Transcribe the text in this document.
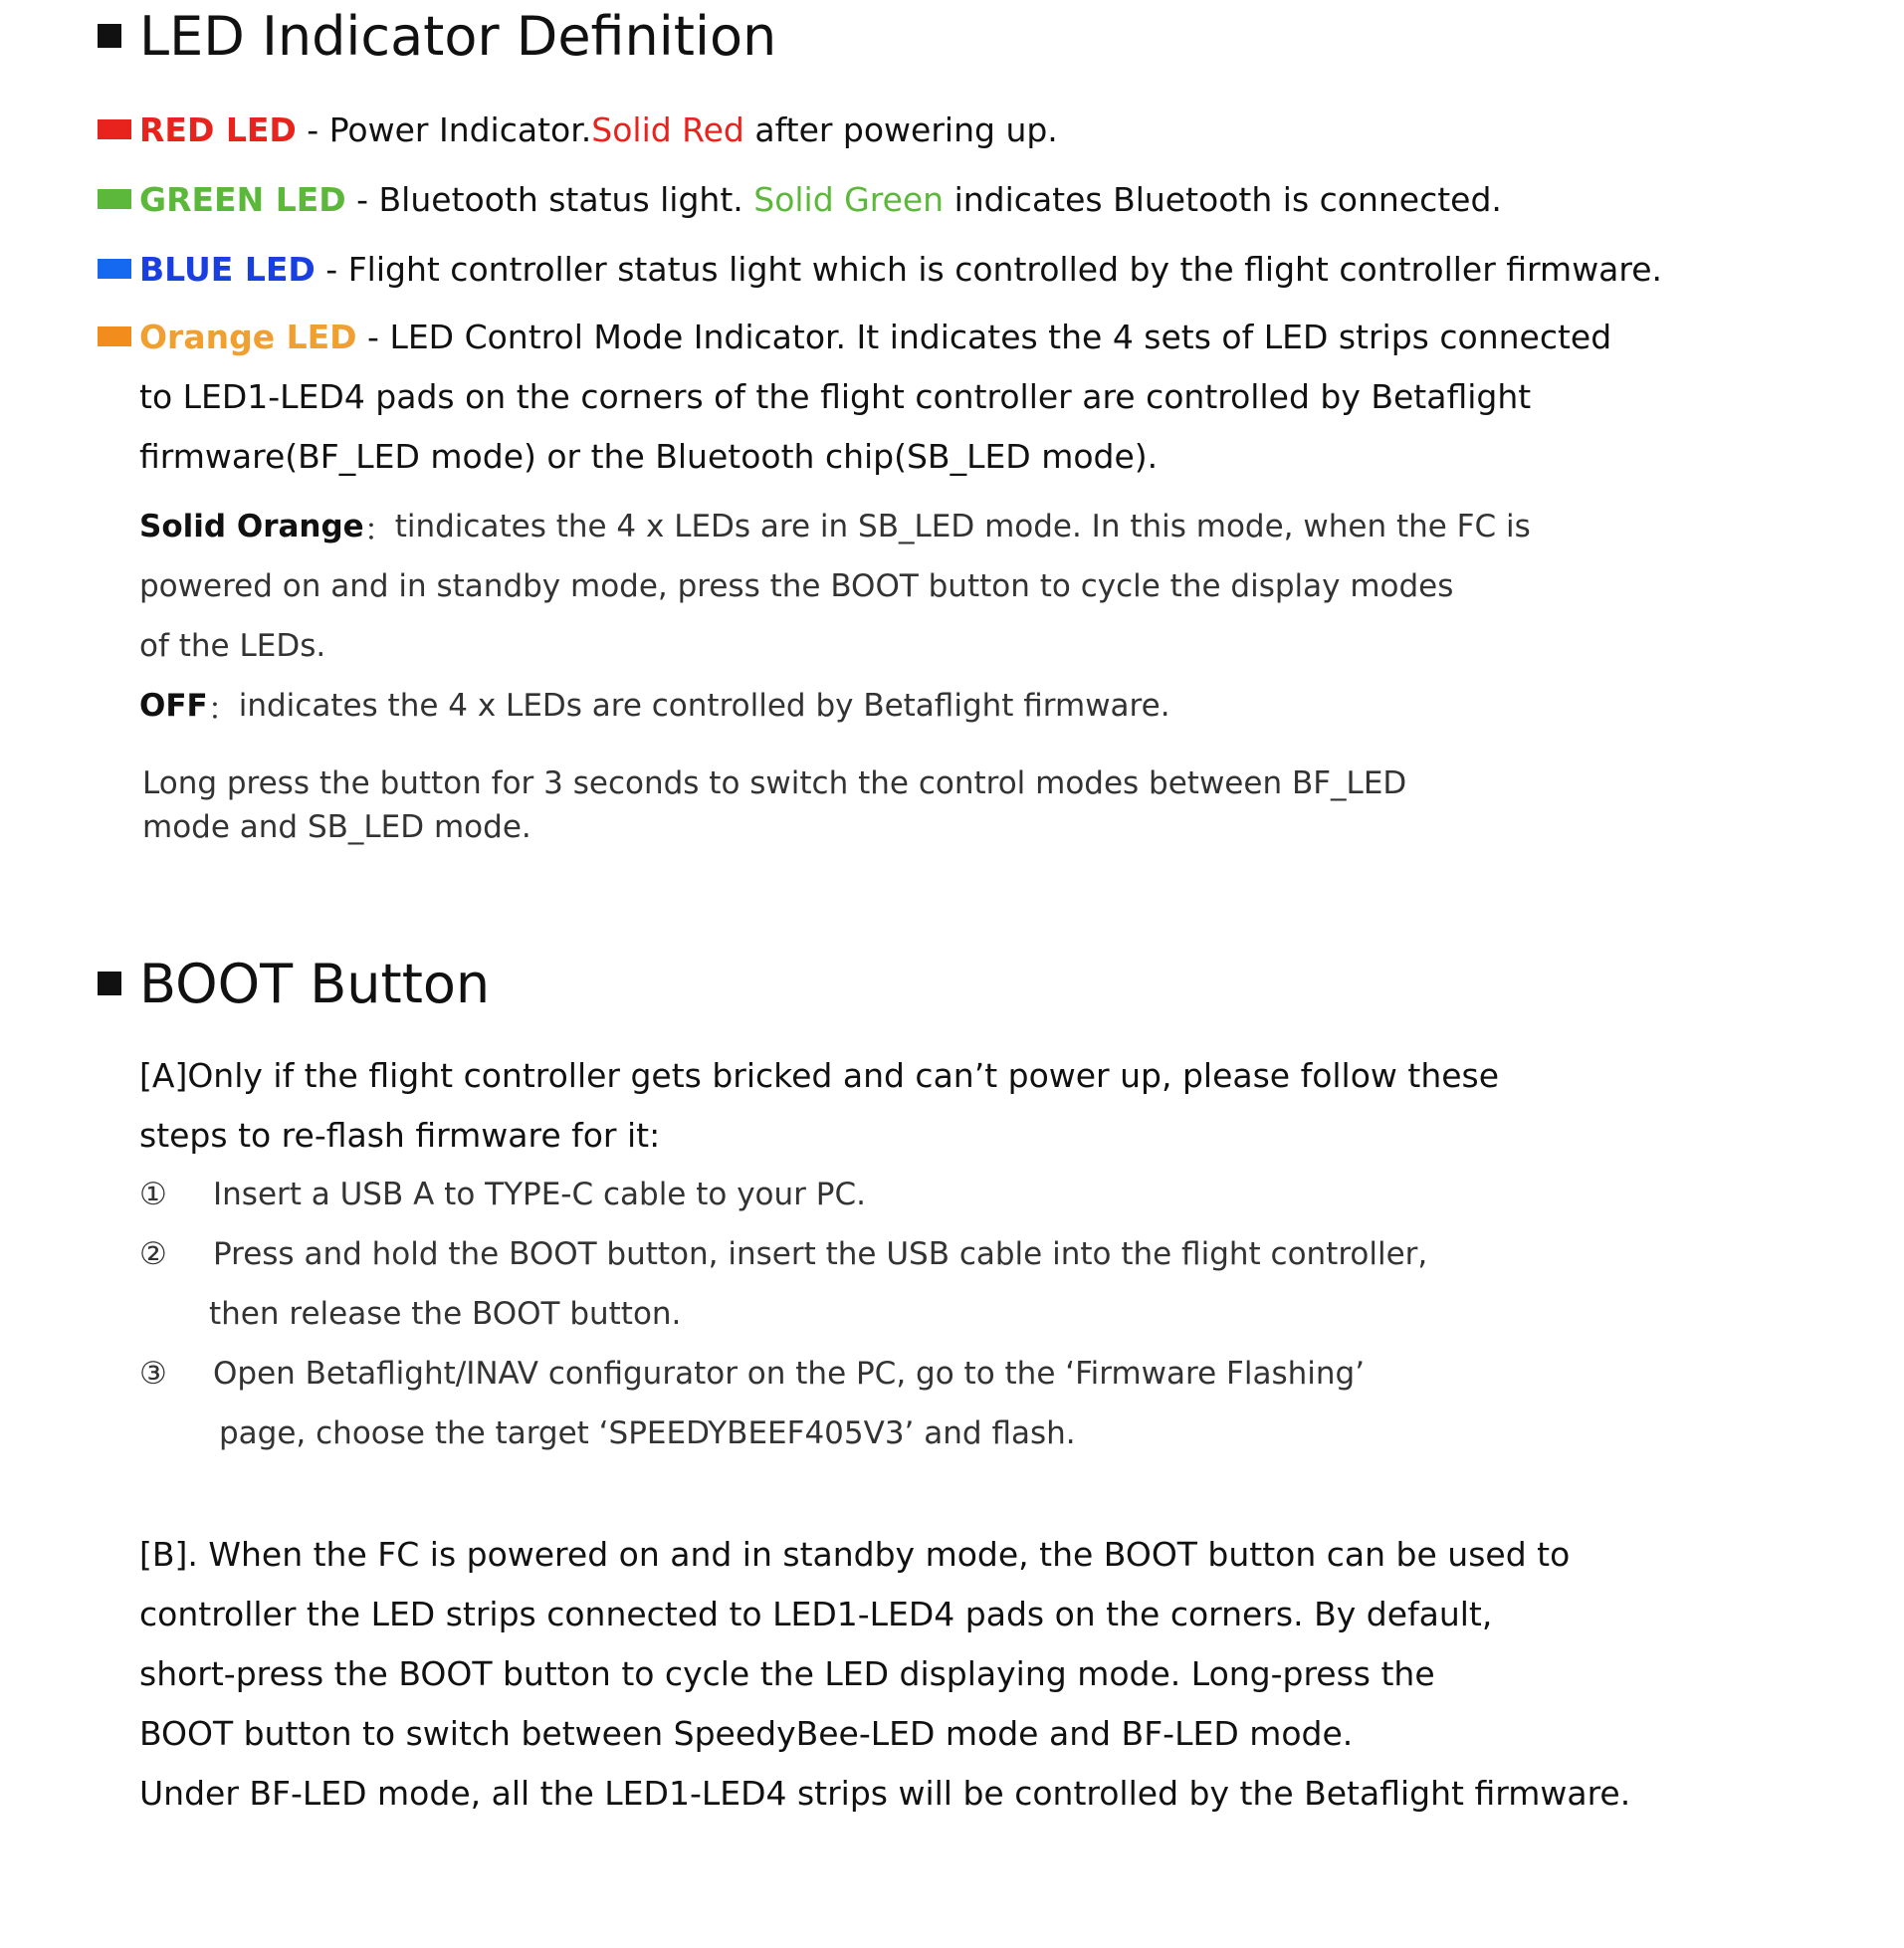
LED Indicator Definition
RED LED - Power Indicator. Solid Red after powering up.
GREEN LED - Bluetooth status light. Solid Green indicates Bluetooth is connected.
BLUE LED - Flight controller status light which is controlled by the flight controller firmware.
Orange LED - LED Control Mode Indicator. It indicates the 4 sets of LED strips connected
to LED1-LED4 pads on the corners of the flight controller are controlled by Betaflight
firmware(BF_LED mode) or the Bluetooth chip(SB_LED mode).
Solid Orange ： tindicates the 4 x LEDs are in SB_LED mode. In this mode, when the FC is
powered on and in standby mode, press the BOOT button to cycle the display modes
of the LEDs.
OFF ： indicates the 4 x LEDs are controlled by Betaflight firmware.
Long press the button for 3 seconds to switch the control modes between BF_LED
mode and SB_LED mode.
BOOT Button
[A]Only if the flight controller gets bricked and can’t power up, please follow these
steps to re-flash firmware for it:
①	Insert a USB A to TYPE-C cable to your PC.
②	Press and hold the BOOT button, insert the USB cable into the flight controller,
then release the BOOT button.
③	Open Betaflight/INAV configurator on the PC, go to the ‘Firmware Flashing’
page, choose the target ‘SPEEDYBEEF405V3’ and flash.
[B]. When the FC is powered on and in standby mode, the BOOT button can be used to
controller the LED strips connected to LED1-LED4 pads on the corners. By default,
short-press the BOOT button to cycle the LED displaying mode. Long-press the
BOOT button to switch between SpeedyBee-LED mode and BF-LED mode.
Under BF-LED mode, all the LED1-LED4 strips will be controlled by the Betaflight firmware.
